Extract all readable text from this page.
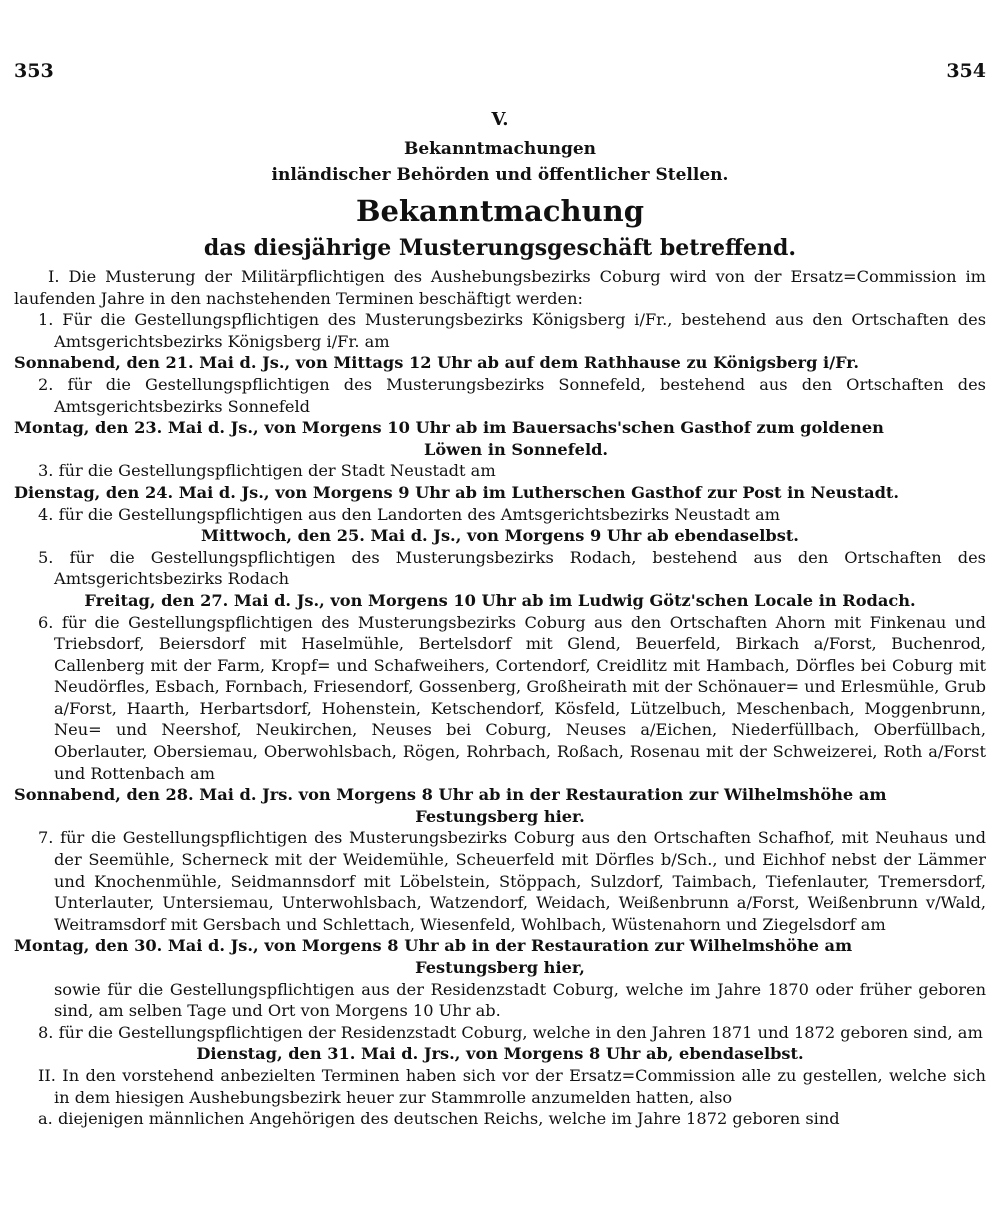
353	354
V.
Bekanntmachungen
inländischer Behörden und öffentlicher Stellen.
Bekanntmachung
das diesjährige Musterungsgeschäft betreffend.
I. Die Musterung der Militärpflichtigen des Aushebungsbezirks Coburg wird von der Ersatz=Commission im laufenden Jahre in den nachstehenden Terminen beschäftigt werden:
1. Für die Gestellungspflichtigen des Musterungsbezirks Königsberg i/Fr., bestehend aus den Ortschaften des Amtsgerichtsbezirks Königsberg i/Fr. am
Sonnabend, den 21. Mai d. Js., von Mittags 12 Uhr ab auf dem Rathhause zu Königsberg i/Fr.
2. für die Gestellungspflichtigen des Musterungsbezirks Sonnefeld, bestehend aus den Ortschaften des Amtsgerichtsbezirks Sonnefeld
Montag, den 23. Mai d. Js., von Morgens 10 Uhr ab im Bauersachs'schen Gasthof zum goldenen
Löwen in Sonnefeld.
3. für die Gestellungspflichtigen der Stadt Neustadt am
Dienstag, den 24. Mai d. Js., von Morgens 9 Uhr ab im Lutherschen Gasthof zur Post in Neustadt.
4. für die Gestellungspflichtigen aus den Landorten des Amtsgerichtsbezirks Neustadt am
Mittwoch, den 25. Mai d. Js., von Morgens 9 Uhr ab ebendaselbst.
5. für die Gestellungspflichtigen des Musterungsbezirks Rodach, bestehend aus den Ortschaften des Amtsgerichtsbezirks Rodach
Freitag, den 27. Mai d. Js., von Morgens 10 Uhr ab im Ludwig Götz'schen Locale in Rodach.
6. für die Gestellungspflichtigen des Musterungsbezirks Coburg aus den Ortschaften Ahorn mit Finkenau und Triebsdorf, Beiersdorf mit Haselmühle, Bertelsdorf mit Glend, Beuerfeld, Birkach a/Forst, Buchenrod, Callenberg mit der Farm, Kropf= und Schafweihers, Cortendorf, Creidlitz mit Hambach, Dörfles bei Coburg mit Neudörfles, Esbach, Fornbach, Friesendorf, Gossenberg, Großheirath mit der Schönauer= und Erlesmühle, Grub a/Forst, Haarth, Herbartsdorf, Hohenstein, Ketschendorf, Kösfeld, Lützelbuch, Meschenbach, Moggenbrunn, Neu= und Neershof, Neukirchen, Neuses bei Coburg, Neuses a/Eichen, Niederfüllbach, Oberfüllbach, Oberlauter, Obersiemau, Oberwohlsbach, Rögen, Rohrbach, Roßach, Rosenau mit der Schweizerei, Roth a/Forst und Rottenbach am
Sonnabend, den 28. Mai d. Jrs. von Morgens 8 Uhr ab in der Restauration zur Wilhelmshöhe am
Festungsberg hier.
7. für die Gestellungspflichtigen des Musterungsbezirks Coburg aus den Ortschaften Schafhof, mit Neuhaus und der Seemühle, Scherneck mit der Weidemühle, Scheuerfeld mit Dörfles b/Sch., und Eichhof nebst der Lämmer und Knochenmühle, Seidmannsdorf mit Löbelstein, Stöppach, Sulzdorf, Taimbach, Tiefenlauter, Tremersdorf, Unterlauter, Untersiemau, Unterwohlsbach, Watzendorf, Weidach, Weißenbrunn a/Forst, Weißenbrunn v/Wald, Weitramsdorf mit Gersbach und Schlettach, Wiesenfeld, Wohlbach, Wüstenahorn und Ziegelsdorf am
Montag, den 30. Mai d. Js., von Morgens 8 Uhr ab in der Restauration zur Wilhelmshöhe am
Festungsberg hier,
sowie für die Gestellungspflichtigen aus der Residenzstadt Coburg, welche im Jahre 1870 oder früher geboren sind, am selben Tage und Ort von Morgens 10 Uhr ab.
8. für die Gestellungspflichtigen der Residenzstadt Coburg, welche in den Jahren 1871 und 1872 geboren sind, am
Dienstag, den 31. Mai d. Jrs., von Morgens 8 Uhr ab, ebendaselbst.
II. In den vorstehend anbezielten Terminen haben sich vor der Ersatz=Commission alle zu gestellen, welche sich in dem hiesigen Aushebungsbezirk heuer zur Stammrolle anzumelden hatten, also
a. diejenigen männlichen Angehörigen des deutschen Reichs, welche im Jahre 1872 geboren sind
